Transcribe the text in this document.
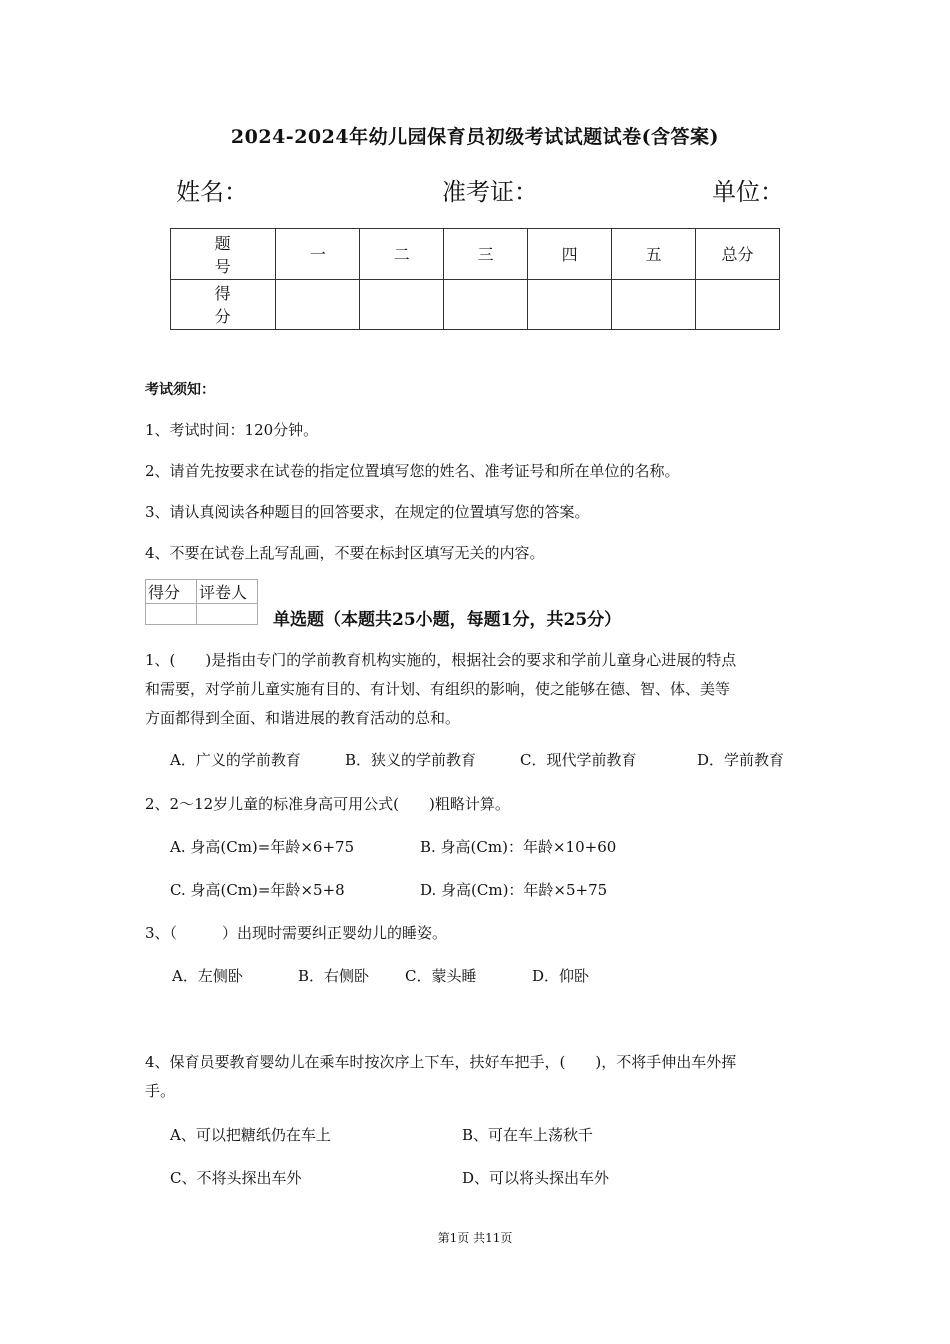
2024-2024年幼儿园保育员初级考试试题试卷(含答案)
姓名：	准考证：	单位：
题　号	一	二	三	四	五	总分
得　分						
考试须知：
1、考试时间：120分钟。
2、请首先按要求在试卷的指定位置填写您的姓名、准考证号和所在单位的名称。
3、请认真阅读各种题目的回答要求，在规定的位置填写您的答案。
4、不要在试卷上乱写乱画，不要在标封区填写无关的内容。
得分	评卷人

单选题（本题共25小题，每题1分，共25分）
1、(　　)是指由专门的学前教育机构实施的，根据社会的要求和学前儿童身心进展的特点
和需要，对学前儿童实施有目的、有计划、有组织的影响，使之能够在德、智、体、美等
方面都得到全面、和谐进展的教育活动的总和。
A．广义的学前教育	B．狭义的学前教育	C．现代学前教育	D．学前教育
2、2～12岁儿童的标准身高可用公式(　　)粗略计算。
A. 身高(Cm)=年龄×6+75	B. 身高(Cm)：年龄×10+60
C. 身高(Cm)=年龄×5+8	D. 身高(Cm)：年龄×5+75
3、（　　　）出现时需要纠正婴幼儿的睡姿。
A．左侧卧	B．右侧卧 C．蒙头睡	D．仰卧
4、保育员要教育婴幼儿在乘车时按次序上下车，扶好车把手，(　　)，不将手伸出车外挥
手。
A、可以把糖纸仍在车上	B、可在车上荡秋千
C、不将头探出车外	D、可以将头探出车外
第1页 共11页
